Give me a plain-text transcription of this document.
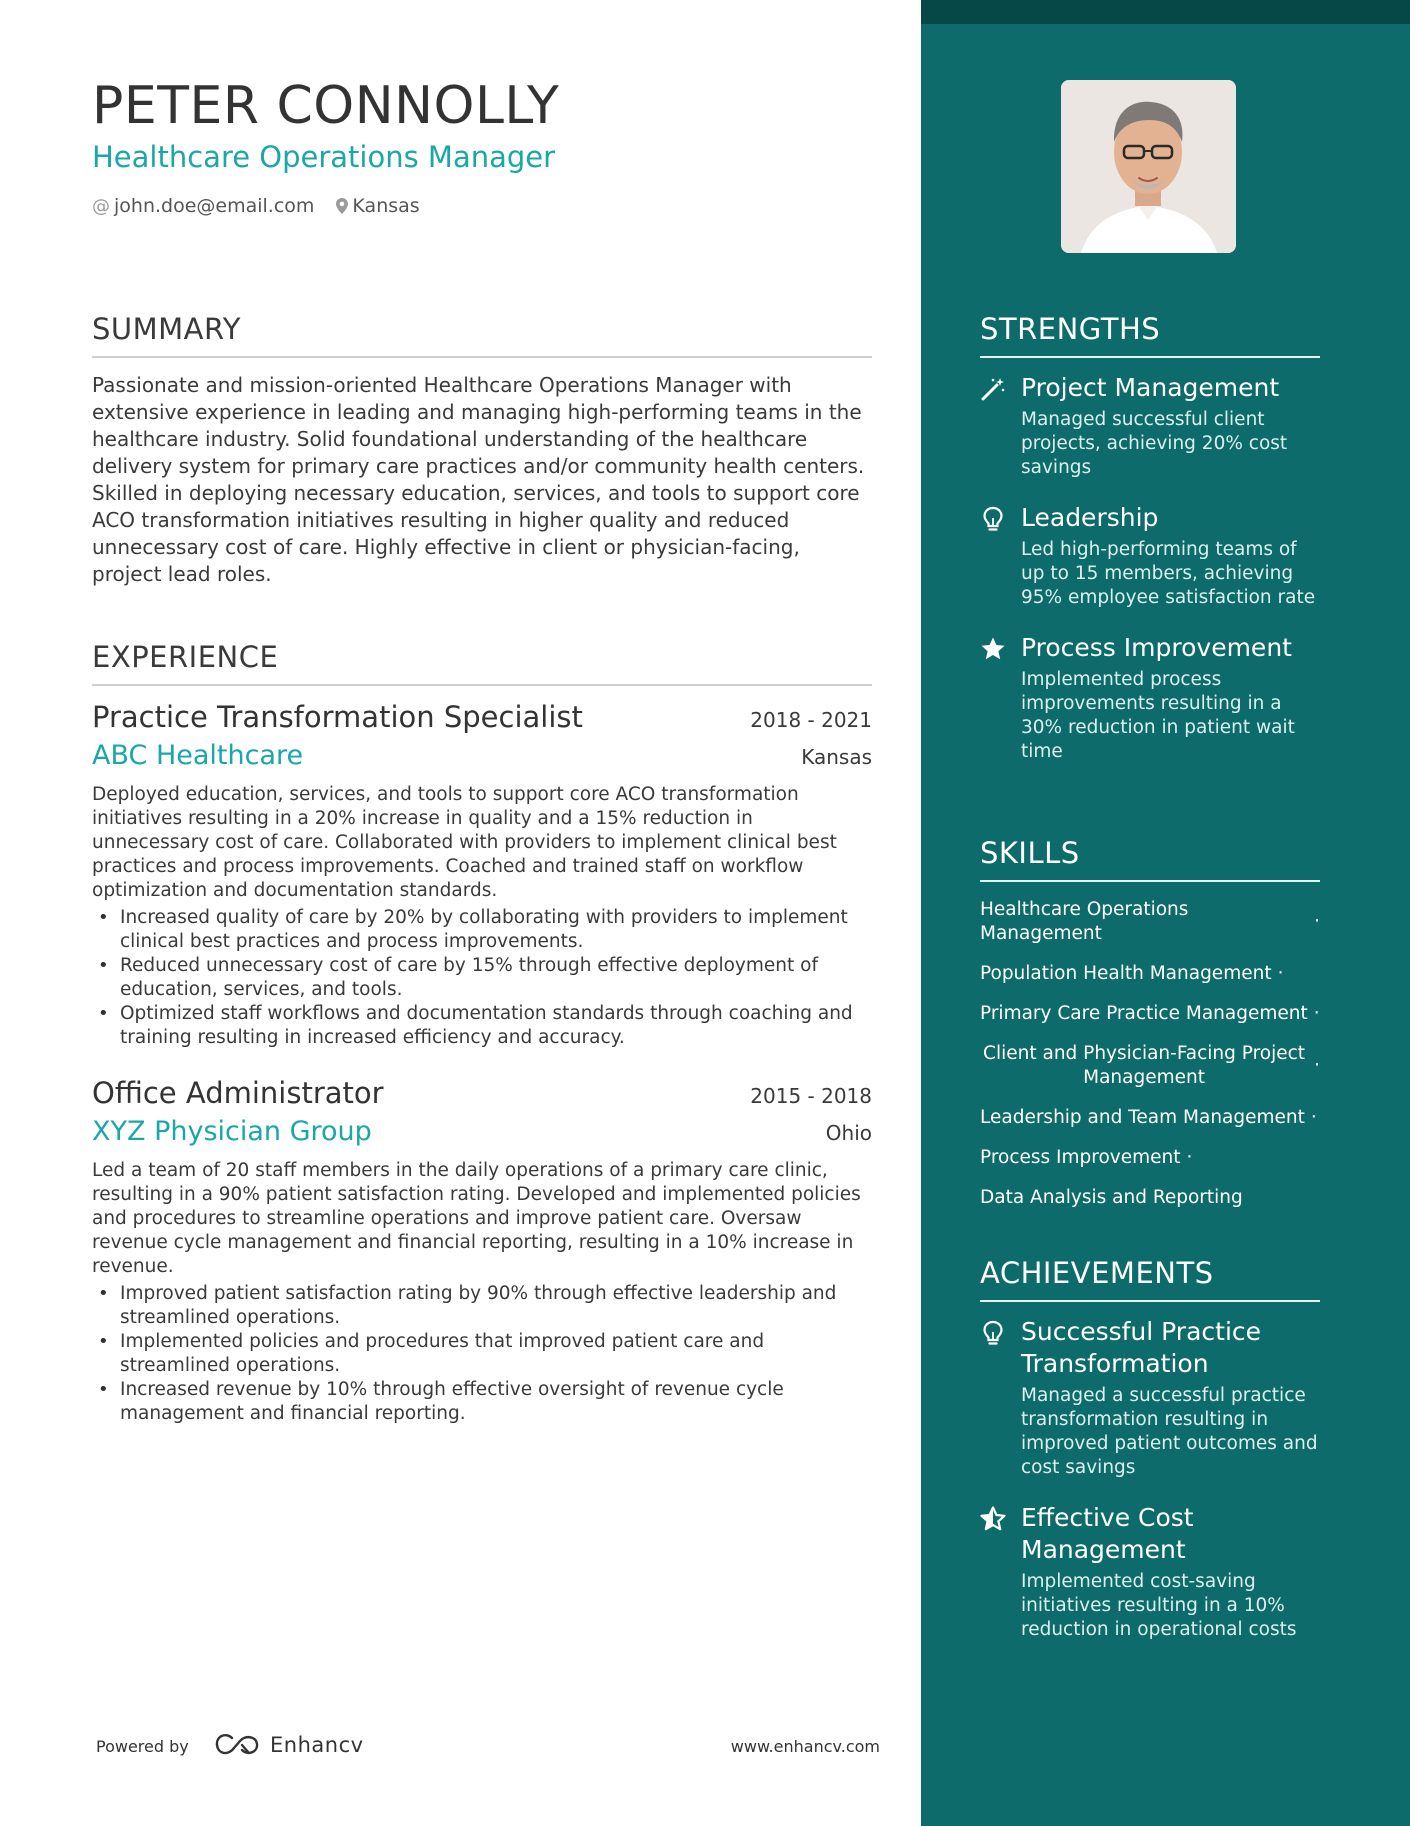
PETER CONNOLLY
Healthcare Operations Manager
@ john.doe@email.com Kansas
SUMMARY

Passionate and mission-oriented Healthcare Operations Manager with extensive experience in leading and managing high-performing teams in the healthcare industry. Solid foundational understanding of the healthcare delivery system for primary care practices and/or community health centers. Skilled in deploying necessary education, services, and tools to support core ACO transformation initiatives resulting in higher quality and reduced unnecessary cost of care. Highly effective in client or physician-facing, project lead roles.

EXPERIENCE
Practice Transformation Specialist	2018 - 2021
ABC Healthcare	Kansas
Deployed education, services, and tools to support core ACO transformation initiatives resulting in a 20% increase in quality and a 15% reduction in unnecessary cost of care. Collaborated with providers to implement clinical best practices and process improvements. Coached and trained staff on workflow optimization and documentation standards.
• Increased quality of care by 20% by collaborating with providers to implement clinical best practices and process improvements.
• Reduced unnecessary cost of care by 15% through effective deployment of education, services, and tools.
• Optimized staff workflows and documentation standards through coaching and training resulting in increased efficiency and accuracy.
Office Administrator	2015 - 2018
XYZ Physician Group	Ohio
Led a team of 20 staff members in the daily operations of a primary care clinic, resulting in a 90% patient satisfaction rating. Developed and implemented policies and procedures to streamline operations and improve patient care. Oversaw revenue cycle management and financial reporting, resulting in a 10% increase in revenue.
• Improved patient satisfaction rating by 90% through effective leadership and streamlined operations.
• Implemented policies and procedures that improved patient care and streamlined operations.
• Increased revenue by 10% through effective oversight of revenue cycle management and financial reporting.
Powered by	Enhancv	www.enhancv.com
STRENGTHS
Project Management
Managed successful client projects, achieving 20% cost savings
Leadership
Led high-performing teams of up to 15 members, achieving 95% employee satisfaction rate
Process Improvement
Implemented process improvements resulting in a 30% reduction in patient wait time
SKILLS
Healthcare Operations Management
·
Population Health Management ·
Primary Care Practice Management ·
Client and Physician-Facing Project Management
·
Leadership and Team Management ·
Process Improvement ·
Data Analysis and Reporting
ACHIEVEMENTS
Successful Practice Transformation
Managed a successful practice transformation resulting in improved patient outcomes and cost savings
Effective Cost Management
Implemented cost-saving initiatives resulting in a 10% reduction in operational costs
